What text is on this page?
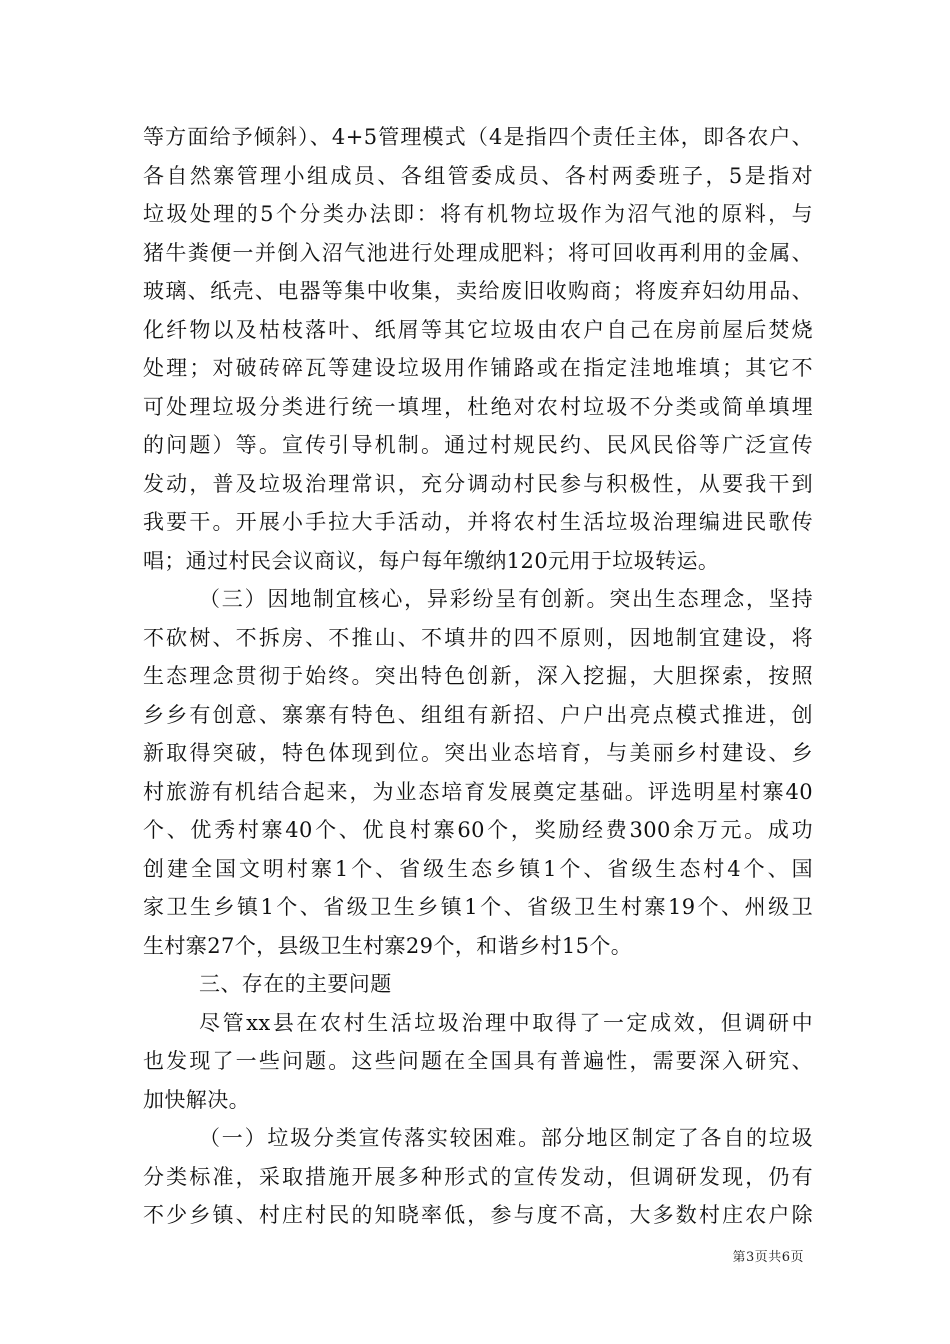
等方面给予倾斜）、4+5管理模式（4是指四个责任主体，即各农户、
各自然寨管理小组成员、各组管委成员、各村两委班子，5是指对
垃圾处理的5个分类办法即：将有机物垃圾作为沼气池的原料，与
猪牛粪便一并倒入沼气池进行处理成肥料；将可回收再利用的金属、
玻璃、纸壳、电器等集中收集，卖给废旧收购商；将废弃妇幼用品、
化纤物以及枯枝落叶、纸屑等其它垃圾由农户自己在房前屋后焚烧
处理；对破砖碎瓦等建设垃圾用作铺路或在指定洼地堆填；其它不
可处理垃圾分类进行统一填埋，杜绝对农村垃圾不分类或简单填埋
的问题）等。宣传引导机制。通过村规民约、民风民俗等广泛宣传
发动，普及垃圾治理常识，充分调动村民参与积极性，从要我干到
我要干。开展小手拉大手活动，并将农村生活垃圾治理编进民歌传
唱；通过村民会议商议，每户每年缴纳120元用于垃圾转运。
（三）因地制宜核心，异彩纷呈有创新。突出生态理念，坚持
不砍树、不拆房、不推山、不填井的四不原则，因地制宜建设，将
生态理念贯彻于始终。突出特色创新，深入挖掘，大胆探索，按照
乡乡有创意、寨寨有特色、组组有新招、户户出亮点模式推进，创
新取得突破，特色体现到位。突出业态培育，与美丽乡村建设、乡
村旅游有机结合起来，为业态培育发展奠定基础。评选明星村寨40
个、优秀村寨40个、优良村寨60个，奖励经费300余万元。成功
创建全国文明村寨1个、省级生态乡镇1个、省级生态村4个、国
家卫生乡镇1个、省级卫生乡镇1个、省级卫生村寨19个、州级卫
生村寨27个，县级卫生村寨29个，和谐乡村15个。
三、存在的主要问题
尽管xx县在农村生活垃圾治理中取得了一定成效，但调研中
也发现了一些问题。这些问题在全国具有普遍性，需要深入研究、
加快解决。
（一）垃圾分类宣传落实较困难。部分地区制定了各自的垃圾
分类标准，采取措施开展多种形式的宣传发动，但调研发现，仍有
不少乡镇、村庄村民的知晓率低，参与度不高，大多数村庄农户除
第3页共6页
